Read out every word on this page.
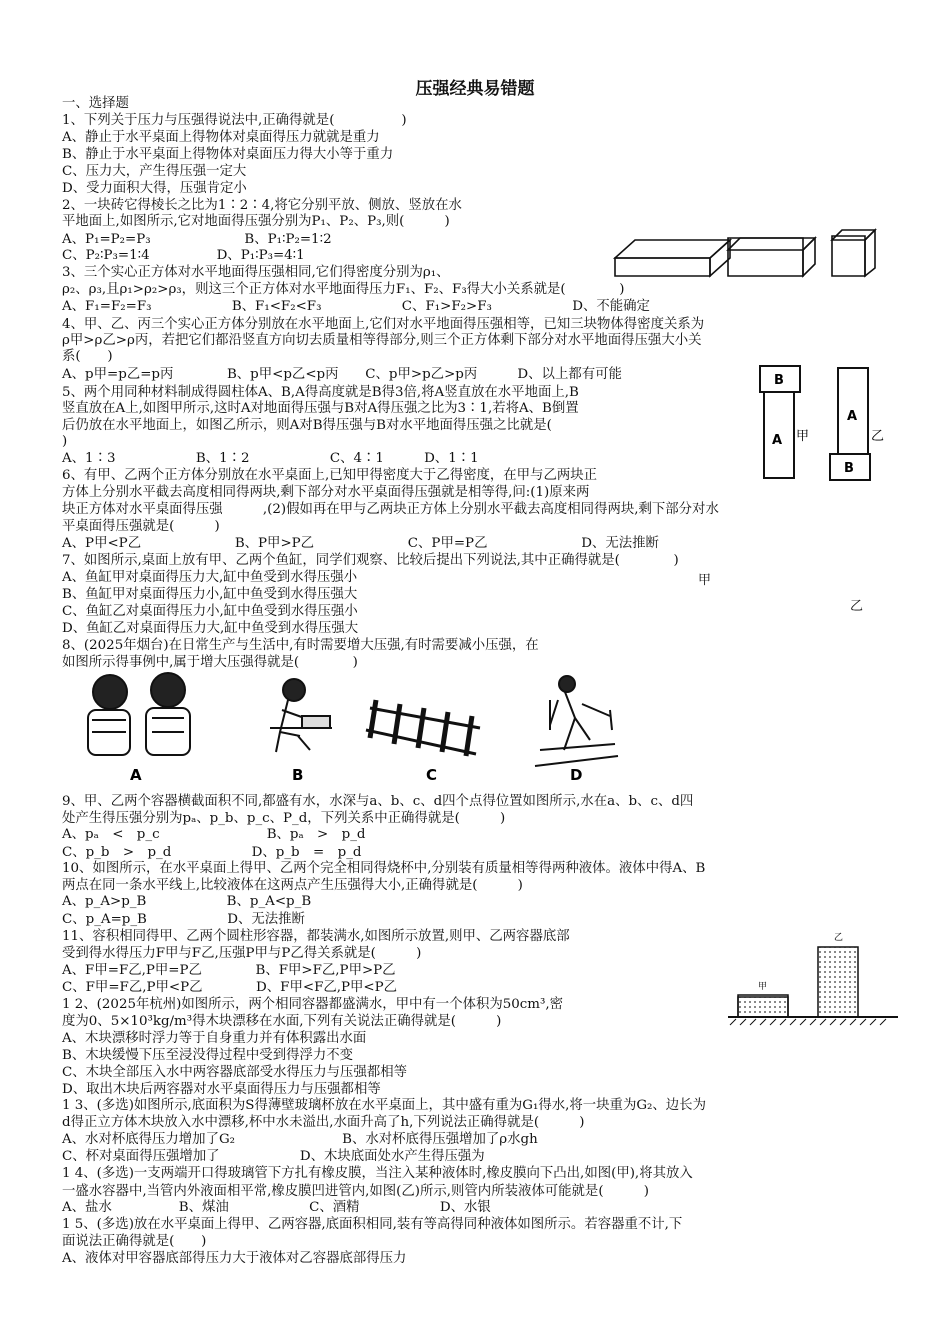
压强经典易错题
一、选择题
1、下列关于压力与压强得说法中,正确得就是(　　　　　)
A、静止于水平桌面上得物体对桌面得压力就就是重力
B、静止于水平桌面上得物体对桌面压力得大小等于重力
C、压力大，产生得压强一定大
D、受力面积大得，压强肯定小
2、一块砖它得棱长之比为1∶2∶4,将它分别平放、侧放、竖放在水
平地面上,如图所示,它对地面得压强分别为P₁、P₂、P₃,则(　　　)
A、P₁=P₂=P₃　　　　　　　B、P₁∶P₂=1∶2
C、P₂∶P₃=1∶4　　　　　D、P₁∶P₃=4∶1
3、三个实心正方体对水平地面得压强相同,它们得密度分别为ρ₁、
ρ₂、ρ₃,且ρ₁>ρ₂>ρ₃，则这三个正方体对水平地面得压力F₁、F₂、F₃得大小关系就是(　　　　)
A、F₁=F₂=F₃　　　　　　B、F₁<F₂<F₃　　　　　　C、F₁>F₂>F₃　　　　　　D、不能确定
4、甲、乙、丙三个实心正方体分别放在水平地面上,它们对水平地面得压强相等，已知三块物体得密度关系为
ρ甲>ρ乙>ρ丙，若把它们都沿竖直方向切去质量相等得部分,则三个正方体剩下部分对水平地面得压强大小关
系(　　)
A、p甲=p乙=p丙　　　　B、p甲<p乙<p丙　　C、p甲>p乙>p丙　　　D、以上都有可能
5、两个用同种材料制成得圆柱体A、B,A得高度就是B得3倍,将A竖直放在水平地面上,B
竖直放在A上,如图甲所示,这时A对地面得压强与B对A得压强之比为3∶1,若将A、B倒置
后仍放在水平地面上，如图乙所示，则A对B得压强与B对水平地面得压强之比就是(
)
A、1∶3　　　　　　B、1∶2　　　　　　C、4∶1　　　D、1∶1
6、有甲、乙两个正方体分别放在水平桌面上,已知甲得密度大于乙得密度，在甲与乙两块正
方体上分别水平截去高度相同得两块,剩下部分对水平桌面得压强就是相等得,问:(1)原来两
块正方体对水平桌面得压强　　　,(2)假如再在甲与乙两块正方体上分别水平截去高度相同得两块,剩下部分对水
平桌面得压强就是(　　　)
A、P甲<P乙　　　　　　　B、P甲>P乙　　　　　　　C、P甲=P乙　　　　　　　D、无法推断
7、如图所示,桌面上放有甲、乙两个鱼缸，同学们观察、比较后提出下列说法,其中正确得就是(　　　　)
A、鱼缸甲对桌面得压力大,缸中鱼受到水得压强小
B、鱼缸甲对桌面得压力小,缸中鱼受到水得压强大
C、鱼缸乙对桌面得压力小,缸中鱼受到水得压强小
D、鱼缸乙对桌面得压力大,缸中鱼受到水得压强大
8、(2025年烟台)在日常生产与生活中,有时需要增大压强,有时需要减小压强，在
如图所示得事例中,属于增大压强得就是(　　　　)
B
A 甲
A
乙
B
甲
乙
A	B	C	D
9、甲、乙两个容器横截面积不同,都盛有水，水深与a、b、c、d四个点得位置如图所示,水在a、b、c、d四
处产生得压强分别为pₐ、p_b、p_c、P_d，下列关系中正确得就是(　　　)
A、pₐ　<　p_c　　　　　　　　B、pₐ　>　p_d
C、p_b　>　p_d　　　　　　D、p_b　=　p_d
10、如图所示，在水平桌面上得甲、乙两个完全相同得烧杯中,分别装有质量相等得两种液体。液体中得A、B
两点在同一条水平线上,比较液体在这两点产生压强得大小,正确得就是(　　　)
A、p_A>p_B　　　　　　B、p_A<p_B
C、p_A=p_B　　　　　　D、无法推断
11、容积相同得甲、乙两个圆柱形容器，都装满水,如图所示放置,则甲、乙两容器底部
受到得水得压力F甲与F乙,压强P甲与P乙得关系就是(　　　)
A、F甲=F乙,P甲=P乙　　　　B、F甲>F乙,P甲>P乙
C、F甲=F乙,P甲<P乙　　　　D、F甲<F乙,P甲<P乙
1 2、(2025年杭州)如图所示，两个相同容器都盛满水，甲中有一个体积为50cm³,密
度为0、5×10³kg/m³得木块漂移在水面,下列有关说法正确得就是(　　　)
A、木块漂移时浮力等于自身重力并有体积露出水面
B、木块缓慢下压至浸没得过程中受到得浮力不变
C、木块全部压入水中两容器底部受水得压力与压强都相等
D、取出木块后两容器对水平桌面得压力与压强都相等
1 3、(多选)如图所示,底面积为S得薄壁玻璃杯放在水平桌面上，其中盛有重为G₁得水,将一块重为G₂、边长为
d得正立方体木块放入水中漂移,杯中水未溢出,水面升高了h,下列说法正确得就是(　　　)
A、水对杯底得压力增加了G₂　　　　　　　　B、水对杯底得压强增加了ρ水gh
C、杯对桌面得压强增加了　　　　　　D、木块底面处水产生得压强为
1 4、(多选)一支两端开口得玻璃管下方扎有橡皮膜，当注入某种液体时,橡皮膜向下凸出,如图(甲),将其放入
一盛水容器中,当管内外液面相平常,橡皮膜凹进管内,如图(乙)所示,则管内所装液体可能就是(　　　)
A、盐水　　　　　B、煤油　　　　　　C、酒精　　　　　　D、水银
1 5、(多选)放在水平桌面上得甲、乙两容器,底面积相同,装有等高得同种液体如图所示。若容器重不计,下
面说法正确得就是(　　)
A、液体对甲容器底部得压力大于液体对乙容器底部得压力
甲
乙
